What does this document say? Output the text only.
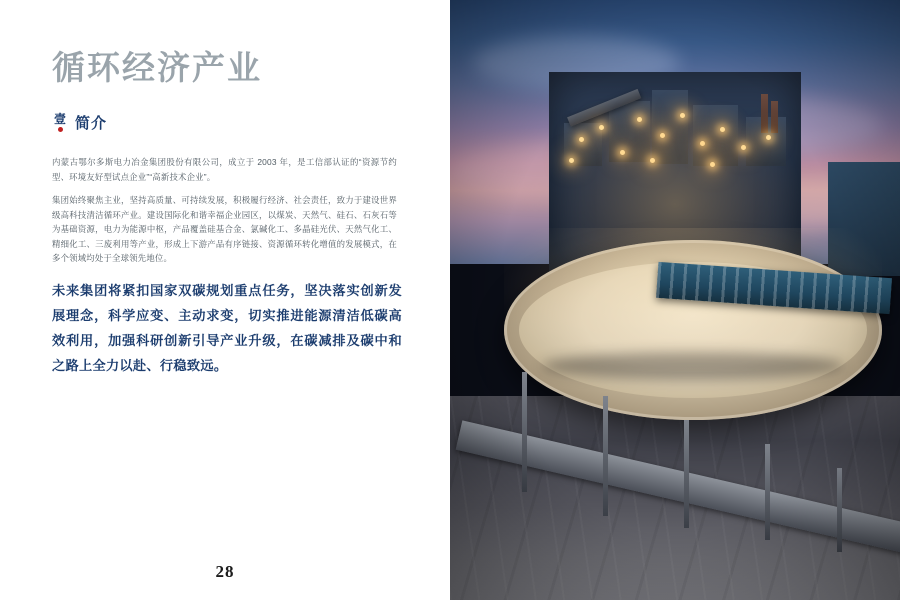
循环经济产业
壹 简介

内蒙古鄂尔多斯电力冶金集团股份有限公司，成立于 2003 年，是工信部认证的“资源节约型、环境友好型试点企业”“高新技术企业”。

集团始终聚焦主业，坚持高质量、可持续发展，积极履行经济、社会责任，致力于建设世界级高科技清洁循环产业。建设国际化和谐幸福企业园区，以煤炭、天然气、硅石、石灰石等为基础资源，电力为能源中枢，产品覆盖硅基合金、氯碱化工、多晶硅光伏、天然气化工、精细化工、三废利用等产业，形成上下游产品有序链接、资源循环转化增值的发展模式，在多个领域均处于全球领先地位。

未来集团将紧扣国家双碳规划重点任务，坚决落实创新发展理念，科学应变、主动求变，切实推进能源清洁低碳高效利用，加强科研创新引导产业升级，在碳减排及碳中和之路上全力以赴、行稳致远。
28
